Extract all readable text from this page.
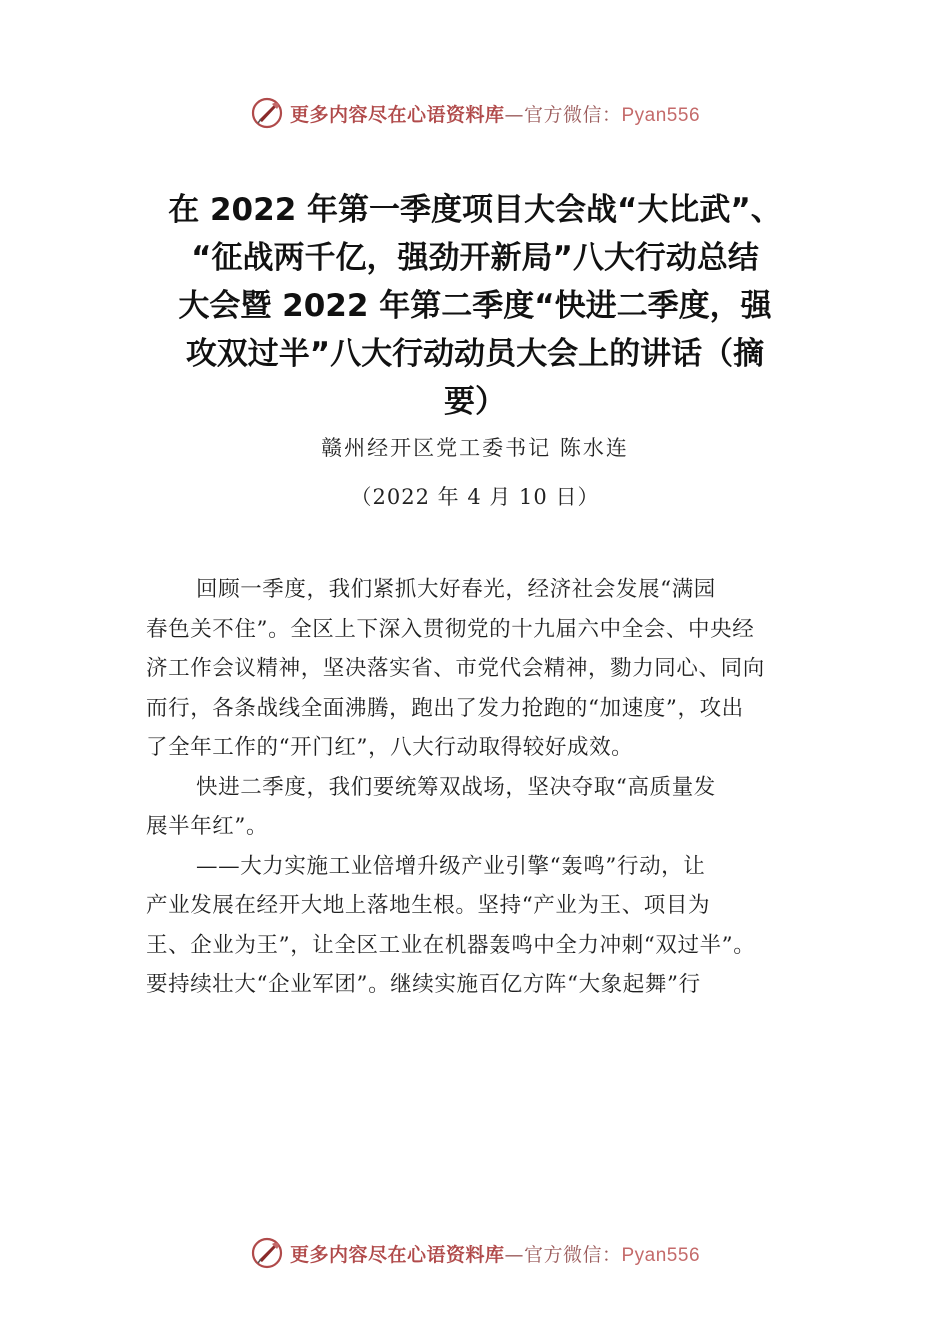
更多内容尽在心语资料库—官方微信：Pyan556
在 2022 年第一季度项目大会战“大比武”、
“征战两千亿，强劲开新局”八大行动总结
大会暨 2022 年第二季度“快进二季度，强
攻双过半”八大行动动员大会上的讲话（摘
要）
赣州经开区党工委书记 陈水连
（2022 年 4 月 10 日）
回顾一季度，我们紧抓大好春光，经济社会发展“满园
春色关不住”。全区上下深入贯彻党的十九届六中全会、中央经
济工作会议精神，坚决落实省、市党代会精神，勠力同心、同向
而行，各条战线全面沸腾，跑出了发力抢跑的“加速度”，攻出
了全年工作的“开门红”，八大行动取得较好成效。
快进二季度，我们要统筹双战场，坚决夺取“高质量发
展半年红”。
——大力实施工业倍增升级产业引擎“轰鸣”行动，让
产业发展在经开大地上落地生根。坚持“产业为王、项目为
王、企业为王”，让全区工业在机器轰鸣中全力冲刺“双过半”。
要持续壮大“企业军团”。继续实施百亿方阵“大象起舞”行
更多内容尽在心语资料库—官方微信：Pyan556
